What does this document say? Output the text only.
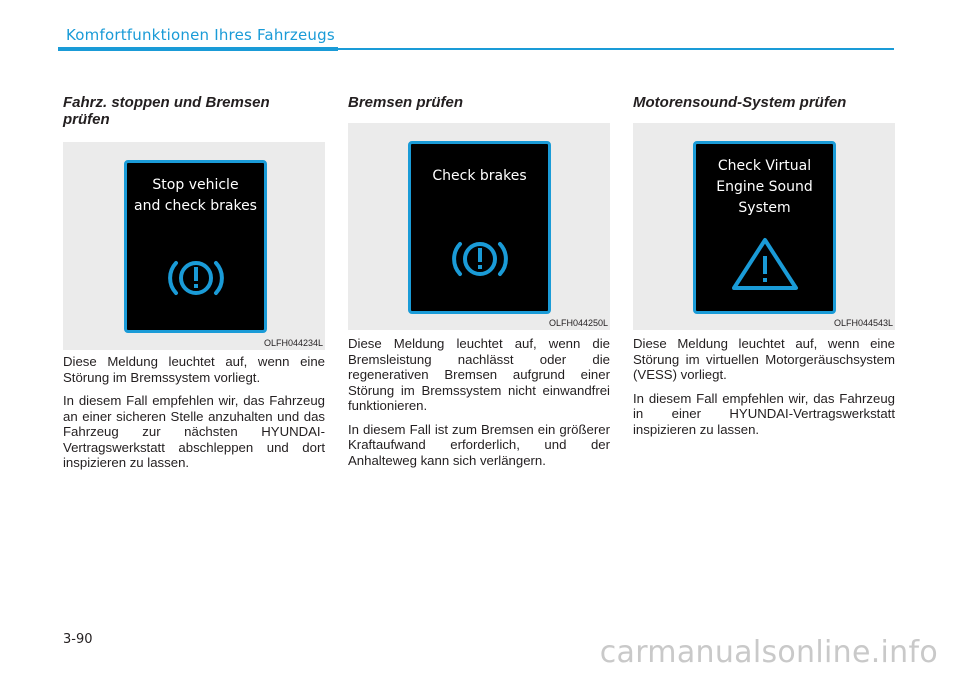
Komfortfunktionen Ihres Fahrzeugs
Fahrz. stoppen und Bremsen
prüfen
Stop vehicle
and check brakes
OLFH044234L

Diese Meldung leuchtet auf, wenn eine Störung im Bremssystem vorliegt.

In diesem Fall empfehlen wir, das Fahrzeug an einer sicheren Stelle anzuhalten und das Fahrzeug zur nächsten HYUNDAI-Vertragswerkstatt abschleppen und dort inspizieren zu lassen.

Bremsen prüfen
Check brakes
OLFH044250L

Diese Meldung leuchtet auf, wenn die Bremsleistung nachlässt oder die regenerativen Bremsen aufgrund einer Störung im Bremssystem nicht einwandfrei funktionieren.

In diesem Fall ist zum Bremsen ein größerer Kraftaufwand erforderlich, und der Anhalteweg kann sich verlängern.

Motorensound-System prüfen
Check Virtual
Engine Sound
System
OLFH044543L

Diese Meldung leuchtet auf, wenn eine Störung im virtuellen Motorgeräuschsystem (VESS) vorliegt.

In diesem Fall empfehlen wir, das Fahrzeug in einer HYUNDAI-Vertragswerkstatt inspizieren zu lassen.

3-90	carmanualsonline.info
